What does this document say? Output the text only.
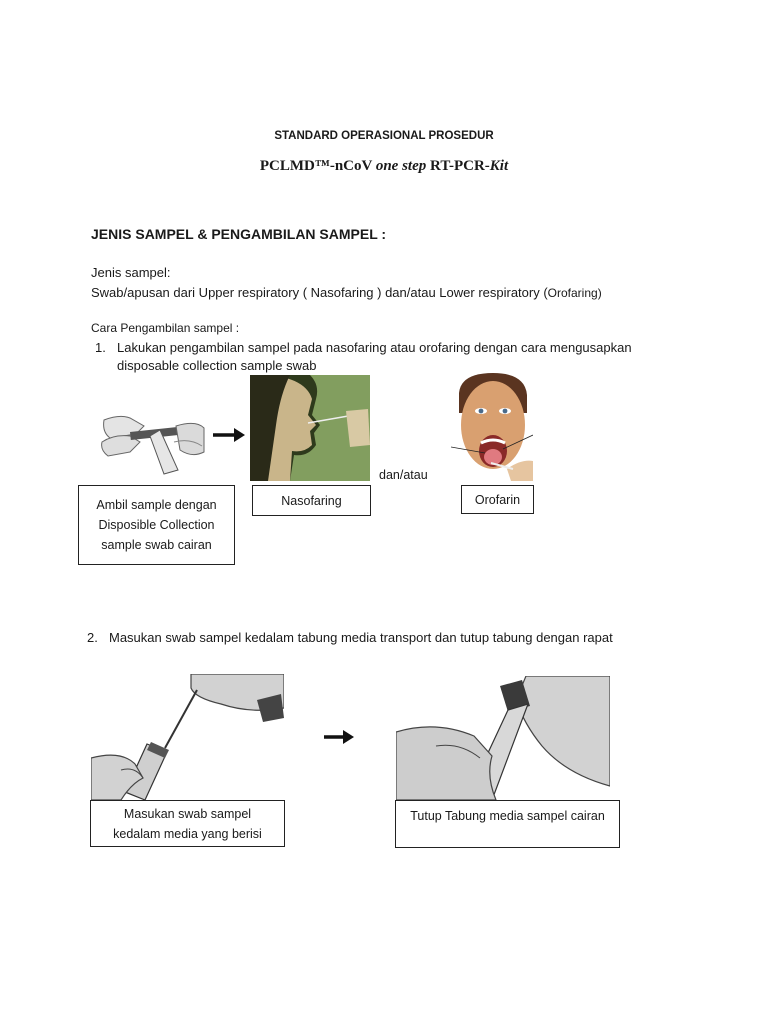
STANDARD OPERASIONAL PROSEDUR
PCLMD™-nCoV one step RT-PCR-Kit
JENIS SAMPEL & PENGAMBILAN SAMPEL :
Jenis sampel:
Swab/apusan dari Upper respiratory ( Nasofaring ) dan/atau Lower respiratory (Orofaring)
Cara Pengambilan sampel :
1. Lakukan pengambilan sampel pada nasofaring atau orofaring dengan cara mengusapkan
disposable collection sample swab
dan/atau
Ambil sample dengan
Disposible Collection
sample swab cairan
Nasofaring	Orofarin
2. Masukan swab sampel kedalam tabung media transport dan tutup tabung dengan rapat
Masukan swab sampel
kedalam media yang berisi
Tutup Tabung media sampel cairan
